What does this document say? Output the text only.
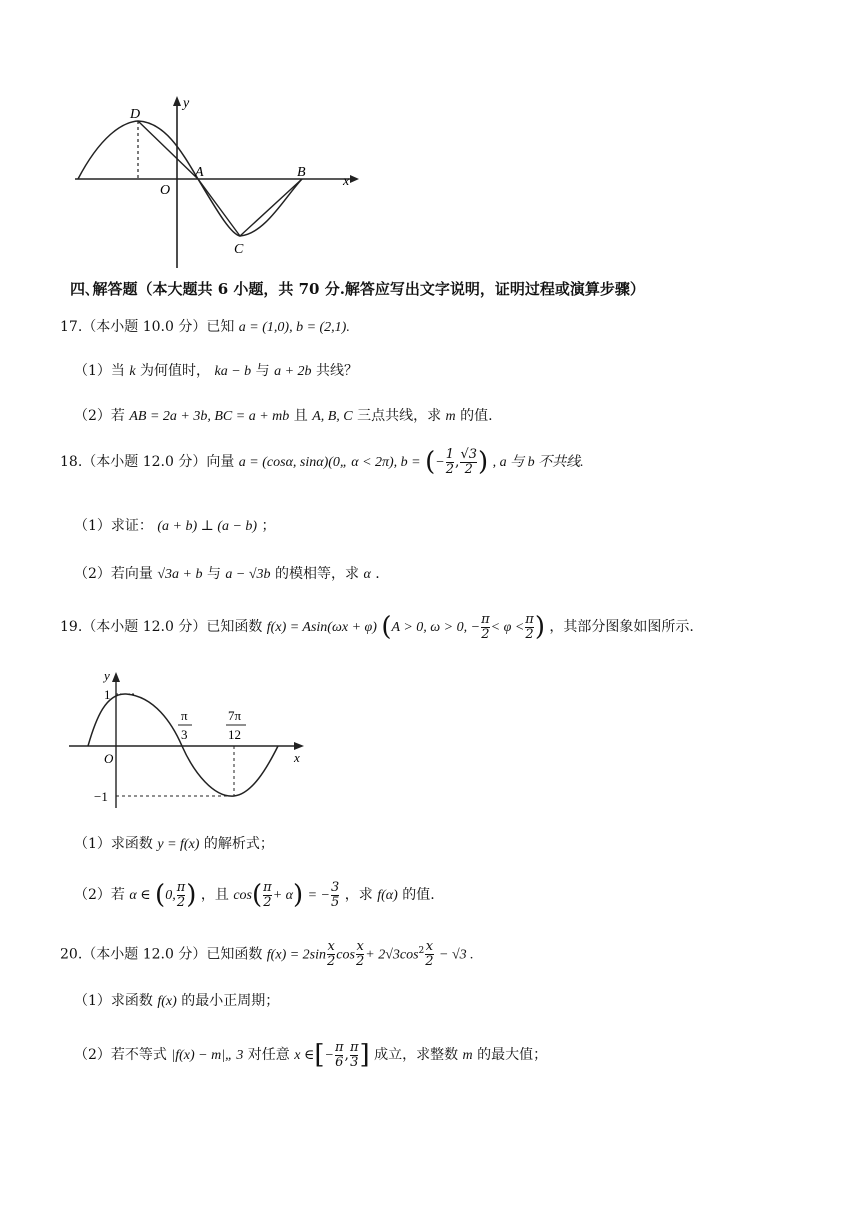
y
x
D
O
A	B
C
四､解答题（本大题共 6 小题，共 70 分.解答应写出文字说明，证明过程或演算步骤）
17.（本小题 10.0 分）已知 a = (1,0), b = (2,1).
（1）当 k 为何值时， ka − b 与 a + 2b 共线？
（2）若 AB = 2a + 3b, BC = a + mb 且 A, B, C 三点共线，求 m 的值.
18.（本小题 12.0 分）向量 a = (cosα, sinα)(0„ α < 2π), b = (− $\frac{1}{2}$ , $\frac{√3}{2}$ ) , a 与 b 不共线.
（1）求证： (a + b) ⊥ (a − b) ；
（2）若向量 √3a + b 与 a − √3b 的模相等，求 α .
19.（本小题 12.0 分）已知函数 f(x) = Asin(ωx + φ) (A > 0, ω > 0, − $\frac{\pi}{2} < \varphi < \frac{\pi}{2}$ ) ，其部分图象如图所示.
y
1
−1
O	x
π
3
7π
12
（1）求函数 y = f(x) 的解析式；
（2）若 α ∈ (0, $\frac{\pi}{2}$ ) ，且 $\cos( \frac{\pi}{2} + \alpha)$ = − $\frac{3}{5}$ ，求 f(α) 的值.
20.（本小题 12.0 分）已知函数 $f(x) = 2\sin \frac{x}{2}$ $\cos \frac{x}{2} + 2√3\cos^2 \frac{x}{2} - √3$ .
（1）求函数 f(x) 的最小正周期；
（2）若不等式 |f(x) − m|„ 3 对任意 x ∈[− $\frac{\pi}{6}$ , $\frac{\pi}{3}$ ] 成立，求整数 m 的最大值；
